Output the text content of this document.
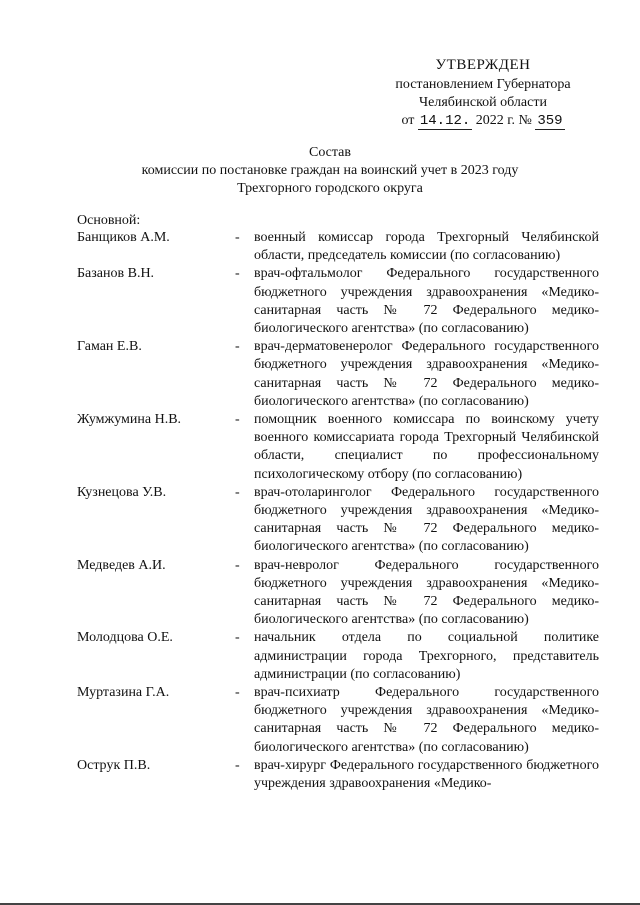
УТВЕРЖДЕН
постановлением Губернатора
Челябинской области
от 14.12. 2022 г. № 359
Состав
комиссии по постановке граждан на воинский учет в 2023 году
Трехгорного городского округа
Основной:
Банщиков А.М.	-	военный комиссар города Трехгорный Челябинской области, председатель комиссии (по согласованию)
Базанов В.Н.	-	врач-офтальмолог Федерального государственного бюджетного учреждения здравоохранения «Медико-санитарная часть № 72 Федерального медико-биологического агентства» (по согласованию)
Гаман Е.В.	-	врач-дерматовенеролог Федерального государственного бюджетного учреждения здравоохранения «Медико-санитарная часть № 72 Федерального медико-биологического агентства» (по согласованию)
Жумжумина Н.В.	-	помощник военного комиссара по воинскому учету военного комиссариата города Трехгорный Челябинской области, специалист по профессиональному психологическому отбору (по согласованию)
Кузнецова У.В.	-	врач-отоларинголог Федерального государственного бюджетного учреждения здравоохранения «Медико-санитарная часть № 72 Федерального медико-биологического агентства» (по согласованию)
Медведев А.И.	-	врач-невролог Федерального государственного бюджетного учреждения здравоохранения «Медико-санитарная часть № 72 Федерального медико-биологического агентства» (по согласованию)
Молодцова О.Е.	-	начальник отдела по социальной политике администрации города Трехгорного, представитель администрации (по согласованию)
Муртазина Г.А.	-	врач-психиатр Федерального государственного бюджетного учреждения здравоохранения «Медико-санитарная часть № 72 Федерального медико-биологического агентства» (по согласованию)
Остpук П.В.	-	врач-хирург Федерального государственного бюджетного учреждения здравоохранения «Медико-
